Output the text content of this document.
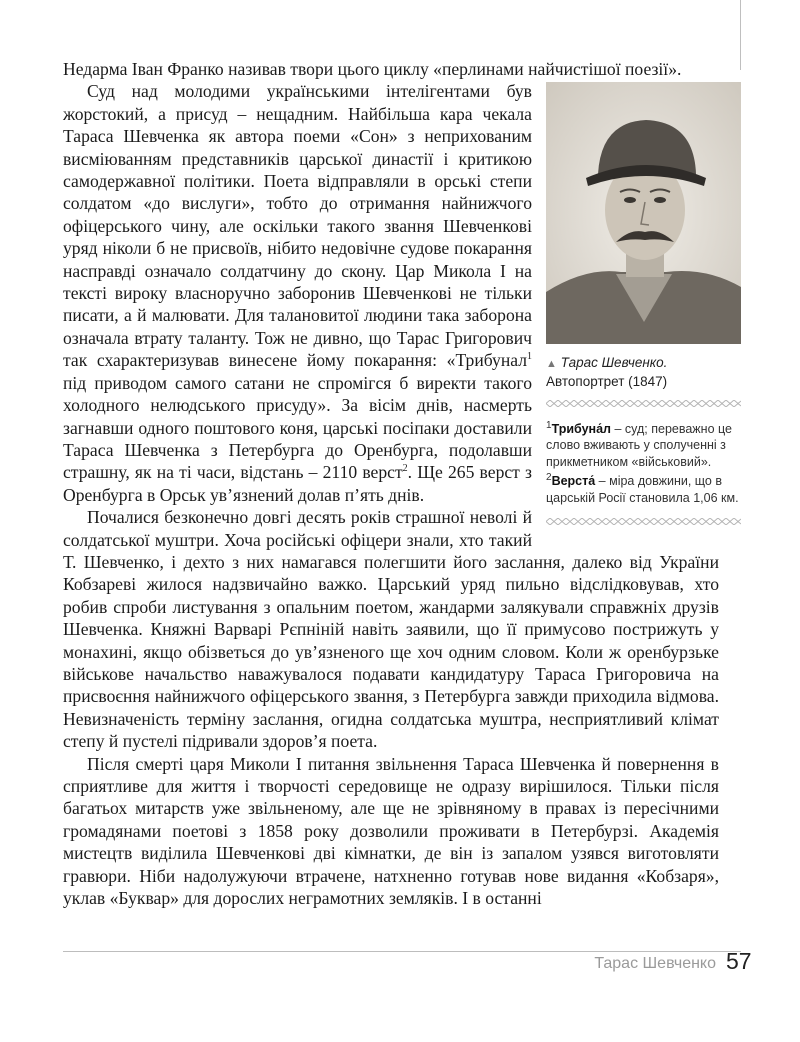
Недарма Іван Франко називав твори цього циклу «перлинами найчистішої поезії».

▲ Тарас Шевченко.
Автопортрет (1847)
$^1$Трибуна́л – суд; переважно це слово вживають у сполученні з прикметником «військовий».
$^2$Верста́ – міра довжини, що в царській Росії становила 1,06 км.

Суд над молодими українськими інтелігентами був жорстокий, а присуд – нещадним. Найбільша кара чекала Тараса Шевченка як автора поеми «Сон» з неприхованим висміюванням представників царської династії і критикою самодержавної політики. Поета відправляли в орські степи солдатом «до вислуги», тобто до отримання найнижчого офіцерського чину, але оскільки такого звання Шевченкові уряд ніколи б не присвоїв, нібито недовічне судове покарання насправді означало солдатчину до скону. Цар Микола I на тексті вироку власноручно заборонив Шевченкові не тільки писати, а й малювати. Для талановитої людини така заборона означала втрату таланту. Тож не дивно, що Тарас Григорович так схарактеризував винесене йому покарання: «Трибунал$^1$ під приводом самого сатани не спромігся б виректи такого холодного нелюдського присуду». За вісім днів, насмерть загнавши одного поштового коня, царські посіпаки доставили Тараса Шевченка з Петербурга до Оренбурга, подолавши страшну, як на ті часи, відстань – 2110 верст$^2$. Ще 265 верст з Оренбурга в Орськ ув’язнений долав п’ять днів.

Почалися безконечно довгі десять років страшної неволі й солдатської муштри. Хоча російські офіцери знали, хто такий Т. Шевченко, і дехто з них намагався полегшити його заслання, далеко від України Кобзареві жилося надзвичайно важко. Царський уряд пильно відслідковував, хто робив спроби листування з опальним поетом, жандарми залякували справжніх друзів Шевченка. Княжні Варварі Рєпніній навіть заявили, що її примусово пострижуть у монахині, якщо обізветься до ув’язненого ще хоч одним словом. Коли ж оренбурзьке військове начальство наважувалося подавати кандидатуру Тараса Григоровича на присвоєння найнижчого офіцерського звання, з Петербурга завжди приходила відмова. Невизначеність терміну заслання, огидна солдатська муштра, несприятливий клімат степу й пустелі підривали здоров’я поета.

Після смерті царя Миколи I питання звільнення Тараса Шевченка й повернення в сприятливе для життя і творчості середовище не одразу вирішилося. Тільки після багатьох митарств уже звільненому, але ще не зрівняному в правах із пересічними громадянами поетові з 1858 року дозволили проживати в Петербурзі. Академія мистецтв виділила Шевченкові дві кімнатки, де він із запалом узявся виготовляти гравюри. Ніби надолужуючи втрачене, натхненно готував нове видання «Кобзаря», уклав «Буквар» для дорослих неграмотних земляків. І в останні

Тарас Шевченко 57
